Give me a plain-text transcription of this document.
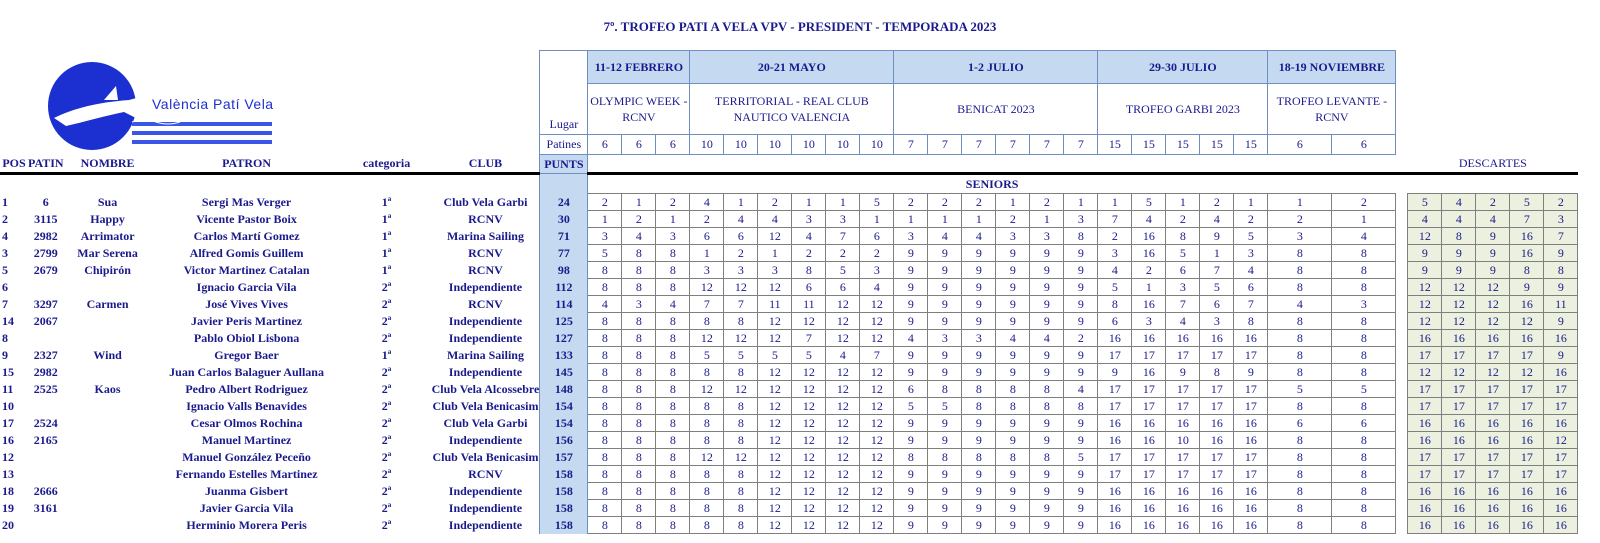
7º. TROFEO PATI A VELA VPV - PRESIDENT - TEMPORADA 2023
València Patí Vela
						Lugar	11-12 FEBRERO			20-21 MAYO						1-2 JULIO						29-30 JULIO					18-19 NOVIEMBRE							
							OLYMPIC WEEK - RCNV			TERRITORIAL - REAL CLUB NAUTICO VALENCIA						BENICAT 2023						TROFEO GARBI 2023					TROFEO LEVANTE - RCNV							
						Patines	6	6	6	10	10	10	10	10	10	7	7	7	7	7	7	15	15	15	15	15	6	6						
POS	PATIN	NOMBRE	PATRON	categoria	CLUB	PUNTS																								DESCARTES				
							SENIORS																											
1	6	Sua	Sergi Mas Verger	1ª	Club Vela Garbi	24	2	1	2	4	1	2	1	1	5	2	2	2	1	2	1	1	5	1	2	1	1	2		5	4	2	5	2
2	3115	Happy	Vicente Pastor Boix	1ª	RCNV	30	1	2	1	2	4	4	3	3	1	1	1	1	2	1	3	7	4	2	4	2	2	1		4	4	4	7	3
4	2982	Arrimator	Carlos Martí Gomez	1ª	Marina Sailing	71	3	4	3	6	6	12	4	7	6	3	4	4	3	3	8	2	16	8	9	5	3	4		12	8	9	16	7
3	2799	Mar Serena	Alfred Gomis Guillem	1ª	RCNV	77	5	8	8	1	2	1	2	2	2	9	9	9	9	9	9	3	16	5	1	3	8	8		9	9	9	16	9
5	2679	Chipirón	Victor Martinez Catalan	1ª	RCNV	98	8	8	8	3	3	3	8	5	3	9	9	9	9	9	9	4	2	6	7	4	8	8		9	9	9	8	8
6			Ignacio Garcia Vila	2ª	Independiente	112	8	8	8	12	12	12	6	6	4	9	9	9	9	9	9	5	1	3	5	6	8	8		12	12	12	9	9
7	3297	Carmen	José Vives Vives	2ª	RCNV	114	4	3	4	7	7	11	11	12	12	9	9	9	9	9	9	8	16	7	6	7	4	3		12	12	12	16	11
14	2067		Javier Peris Martinez	2ª	Independiente	125	8	8	8	8	8	12	12	12	12	9	9	9	9	9	9	6	3	4	3	8	8	8		12	12	12	12	9
8			Pablo Obiol Lisbona	2ª	Independiente	127	8	8	8	12	12	12	7	12	12	4	3	3	4	4	2	16	16	16	16	16	8	8		16	16	16	16	16
9	2327	Wind	Gregor Baer	1ª	Marina Sailing	133	8	8	8	5	5	5	5	4	7	9	9	9	9	9	9	17	17	17	17	17	8	8		17	17	17	17	9
15	2982		Juan Carlos Balaguer Aullana	2ª	Independiente	145	8	8	8	8	8	12	12	12	12	9	9	9	9	9	9	9	16	9	8	9	8	8		12	12	12	12	16
11	2525	Kaos	Pedro Albert Rodriguez	2ª	Club Vela Alcossebre	148	8	8	8	12	12	12	12	12	12	6	8	8	8	8	4	17	17	17	17	17	5	5		17	17	17	17	17
10			Ignacio Valls Benavides	2ª	Club Vela Benicasim	154	8	8	8	8	8	12	12	12	12	5	5	8	8	8	8	17	17	17	17	17	8	8		17	17	17	17	17
17	2524		Cesar Olmos Rochina	2ª	Club Vela Garbi	154	8	8	8	8	8	12	12	12	12	9	9	9	9	9	9	16	16	16	16	16	6	6		16	16	16	16	16
16	2165		Manuel Martinez	2ª	Independiente	156	8	8	8	8	8	12	12	12	12	9	9	9	9	9	9	16	16	10	16	16	8	8		16	16	16	16	12
12			Manuel González Peceño	2ª	Club Vela Benicasim	157	8	8	8	12	12	12	12	12	12	8	8	8	8	8	5	17	17	17	17	17	8	8		17	17	17	17	17
13			Fernando Estelles Martinez	2ª	RCNV	158	8	8	8	8	8	12	12	12	12	9	9	9	9	9	9	17	17	17	17	17	8	8		17	17	17	17	17
18	2666		Juanma Gisbert	2ª	Independiente	158	8	8	8	8	8	12	12	12	12	9	9	9	9	9	9	16	16	16	16	16	8	8		16	16	16	16	16
19	3161		Javier Garcia Vila	2ª	Independiente	158	8	8	8	8	8	12	12	12	12	9	9	9	9	9	9	16	16	16	16	16	8	8		16	16	16	16	16
20			Herminio Morera Peris	2ª	Independiente	158	8	8	8	8	8	12	12	12	12	9	9	9	9	9	9	16	16	16	16	16	8	8		16	16	16	16	16
